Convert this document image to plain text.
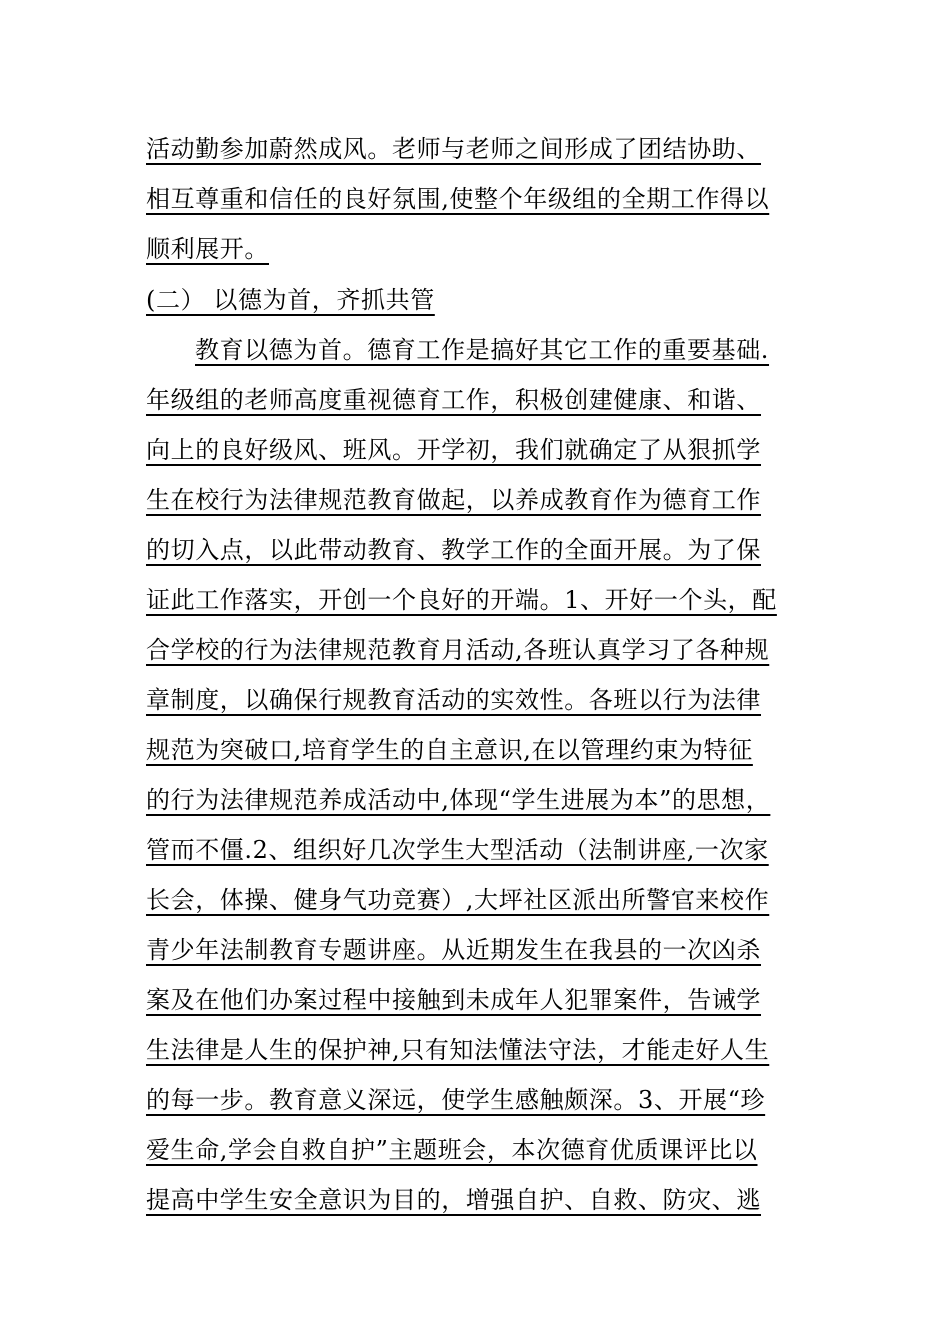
活动勤参加蔚然成风。老师与老师之间形成了团结协助、
相互尊重和信任的良好氛围,使整个年级组的全期工作得以
顺利展开。
(二） 以德为首，齐抓共管
教育以德为首。德育工作是搞好其它工作的重要基础.
年级组的老师高度重视德育工作，积极创建健康、和谐、
向上的良好级风、班风。开学初，我们就确定了从狠抓学
生在校行为法律规范教育做起，以养成教育作为德育工作
的切入点，以此带动教育、教学工作的全面开展。为了保
证此工作落实，开创一个良好的开端。1、开好一个头，配
合学校的行为法律规范教育月活动,各班认真学习了各种规
章制度，以确保行规教育活动的实效性。各班以行为法律
规范为突破口,培育学生的自主意识,在以管理约束为特征
的行为法律规范养成活动中,体现“学生进展为本”的思想，
管而不僵.2、组织好几次学生大型活动（法制讲座,一次家
长会，体操、健身气功竞赛）,大坪社区派出所警官来校作
青少年法制教育专题讲座。从近期发生在我县的一次凶杀
案及在他们办案过程中接触到未成年人犯罪案件，告诫学
生法律是人生的保护神,只有知法懂法守法，才能走好人生
的每一步。教育意义深远，使学生感触颇深。3、开展“珍
爱生命,学会自救自护”主题班会，本次德育优质课评比以
提高中学生安全意识为目的，增强自护、自救、防灾、逃
